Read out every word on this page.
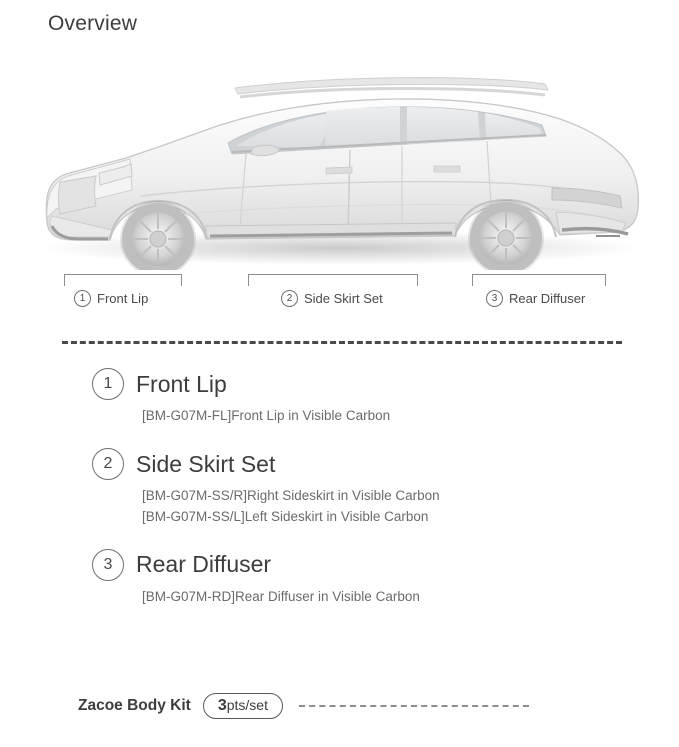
Overview
1 Front Lip	2 Side Skirt Set	3 Rear Diffuser
1	Front Lip
[BM-G07M-FL]Front Lip in Visible Carbon
2	Side Skirt Set
[BM-G07M-SS/R]Right Sideskirt in Visible Carbon
[BM-G07M-SS/L]Left Sideskirt in Visible Carbon
3	Rear Diffuser
[BM-G07M-RD]Rear Diffuser in Visible Carbon
Zacoe Body Kit	3pts/set
